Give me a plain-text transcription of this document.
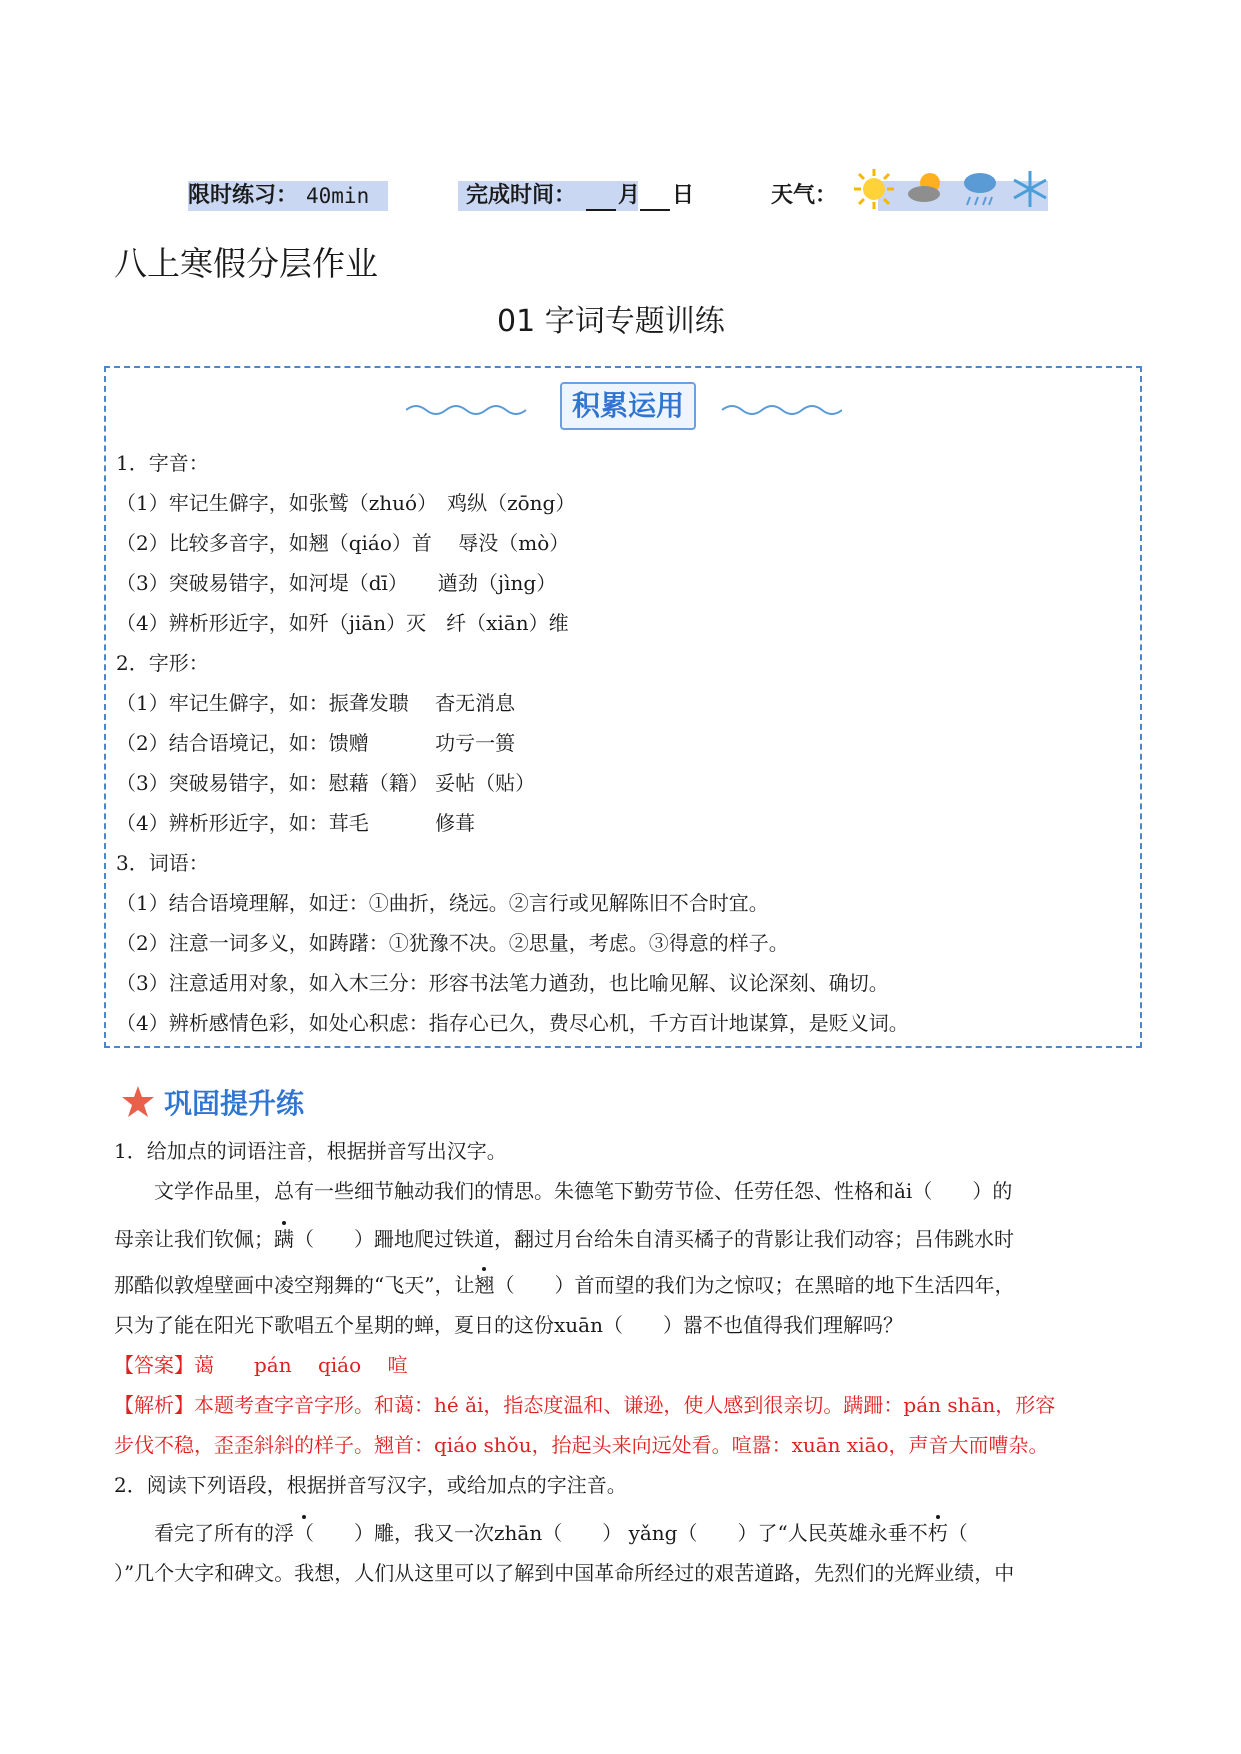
限时练习： 40min	完成时间：	月 日	天气：
八上寒假分层作业
01 字词专题训练
积累运用
1．字音：
（1）牢记生僻字，如张鹫（zhuó）　鸡纵（zōng）
（2）比较多音字，如翘（qiáo）首　 辱没（mò）
（3）突破易错字，如河堤（dī）　　遒劲（jìng）
（4）辨析形近字，如歼（jiān）灭　纤（xiān）维
2．字形：
（1）牢记生僻字，如：振聋发聩　 杳无消息
（2）结合语境记，如：馈赠　　　 功亏一篑
（3）突破易错字，如：慰藉（籍） 妥帖（贴）
（4）辨析形近字，如：茸毛　　　 修葺
3．词语：
（1）结合语境理解，如迂：①曲折，绕远。②言行或见解陈旧不合时宜。
（2）注意一词多义，如踌躇：①犹豫不决。②思量，考虑。③得意的样子。
（3）注意适用对象，如入木三分：形容书法笔力遒劲，也比喻见解、议论深刻、确切。
（4）辨析感情色彩，如处心积虑：指存心已久，费尽心机，千方百计地谋算，是贬义词。
巩固提升练
1．给加点的词语注音，根据拼音写出汉字。
　　文学作品里，总有一些细节触动我们的情思。朱德笔下勤劳节俭、任劳任怨、性格和ǎi（　　）的
母亲让我们钦佩；蹒（　　）跚地爬过铁道，翻过月台给朱自清买橘子的背影让我们动容；吕伟跳水时
那酷似敦煌壁画中凌空翔舞的“飞天”，让翘（　　）首而望的我们为之惊叹；在黑暗的地下生活四年，
只为了能在阳光下歌唱五个星期的蝉，夏日的这份xuān（　　）嚣不也值得我们理解吗？
【答案】蔼　　pán　 qiáo　 喧
【解析】本题考查字音字形。和蔼：hé ǎi，指态度温和、谦逊，使人感到很亲切。蹒跚：pán shān，形容
步伐不稳，歪歪斜斜的样子。翘首：qiáo shǒu，抬起头来向远处看。喧嚣：xuān xiāo，声音大而嘈杂。
2．阅读下列语段，根据拼音写汉字，或给加点的字注音。
　　看完了所有的浮（　　）雕，我又一次zhān（　　） yǎng（　　）了“人民英雄永垂不朽（
）”几个大字和碑文。我想，人们从这里可以了解到中国革命所经过的艰苦道路，先烈们的光辉业绩，中
